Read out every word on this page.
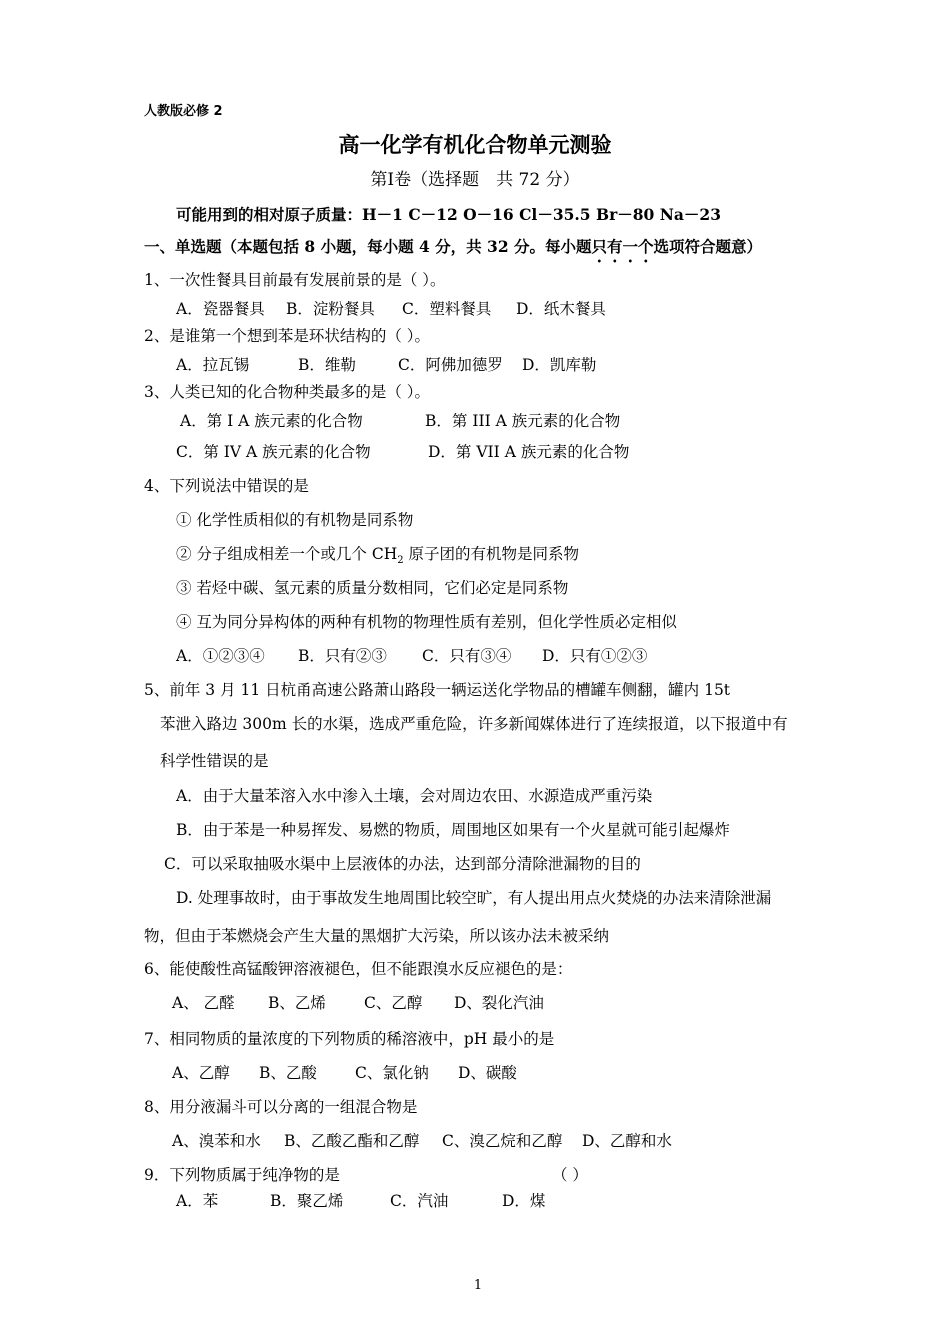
人教版必修 2
高一化学有机化合物单元测验
第Ⅰ卷（选择题　共 72 分）
可能用到的相对原子质量：H－1 C－12 O－16 Cl－35.5 Br－80 Na－23
一、单选题（本题包括 8 小题，每小题 4 分，共 32 分。每小题只有一个选项符合题意）
1、一次性餐具目前最有发展前景的是（ ）。
A．瓷器餐具 B．淀粉餐具 C．塑料餐具 D．纸木餐具
2、是谁第一个想到苯是环状结构的（ ）。
A．拉瓦锡	B．维勒	C．阿佛加德罗 D．凯库勒
3、人类已知的化合物种类最多的是（ ）。
A．第 I A 族元素的化合物	B．第 III A 族元素的化合物
C．第 IV A 族元素的化合物	D．第 VII A 族元素的化合物
4、下列说法中错误的是
① 化学性质相似的有机物是同系物
② 分子组成相差一个或几个 $CH_2$ 原子团的有机物是同系物
③ 若烃中碳、氢元素的质量分数相同，它们必定是同系物
④ 互为同分异构体的两种有机物的物理性质有差别，但化学性质必定相似
A．①②③④ B．只有②③ C．只有③④ D．只有①②③
5、前年 3 月 11 日杭甬高速公路萧山路段一辆运送化学物品的槽罐车侧翻，罐内 15t
苯泄入路边 300m 长的水渠，选成严重危险，许多新闻媒体进行了连续报道，以下报道中有
科学性错误的是
A．由于大量苯溶入水中渗入土壤，会对周边农田、水源造成严重污染
B．由于苯是一种易挥发、易燃的物质，周围地区如果有一个火星就可能引起爆炸
C．可以采取抽吸水渠中上层液体的办法，达到部分清除泄漏物的目的
D. 处理事故时，由于事故发生地周围比较空旷，有人提出用点火焚烧的办法来清除泄漏
物，但由于苯燃烧会产生大量的黑烟扩大污染，所以该办法未被采纳
6、能使酸性高锰酸钾溶液褪色，但不能跟溴水反应褪色的是：
A、 乙醛 B、乙烯 C、乙醇 D、裂化汽油
7、相同物质的量浓度的下列物质的稀溶液中，pH 最小的是
A、乙醇 B、乙酸 C、氯化钠 D、碳酸
8、用分液漏斗可以分离的一组混合物是
A、溴苯和水 B、乙酸乙酯和乙醇 C、溴乙烷和乙醇 D、乙醇和水
9．下列物质属于纯净物的是	（ ）
A．苯	B．聚乙烯	C．汽油	D．煤
1
